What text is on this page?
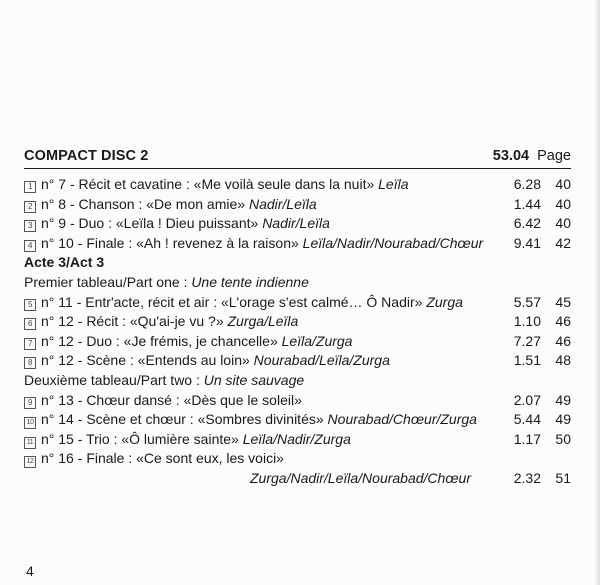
COMPACT DISC 2	53.04 Page
1 n° 7 - Récit et cavatine : «Me voilà seule dans la nuit» Leïla	6.28	40
2 n° 8 - Chanson : «De mon amie» Nadir/Leïla	1.44	40
3 n° 9 - Duo : «Leïla ! Dieu puissant» Nadir/Leïla	6.42	40
4 n° 10 - Finale : «Ah ! revenez à la raison» Leïla/Nadir/Nourabad/Chœur	9.41	42
Acte 3/Act 3
Premier tableau/Part one : Une tente indienne
5 n° 11 - Entr'acte, récit et air : «L'orage s'est calmé… Ô Nadir» Zurga	5.57	45
6 n° 12 - Récit : «Qu'ai-je vu ?» Zurga/Leïla	1.10	46
7 n° 12 - Duo : «Je frémis, je chancelle» Leïla/Zurga	7.27	46
8 n° 12 - Scène : «Entends au loin» Nourabad/Leïla/Zurga	1.51	48
Deuxième tableau/Part two : Un site sauvage
9 n° 13 - Chœur dansé : «Dès que le soleil»	2.07	49
10 n° 14 - Scène et chœur : «Sombres divinités» Nourabad/Chœur/Zurga	5.44	49
11 n° 15 - Trio : «Ô lumière sainte» Leïla/Nadir/Zurga	1.17	50
12 n° 16 - Finale : «Ce sont eux, les voici»
Zurga/Nadir/Leïla/Nourabad/Chœur	2.32	51
4
